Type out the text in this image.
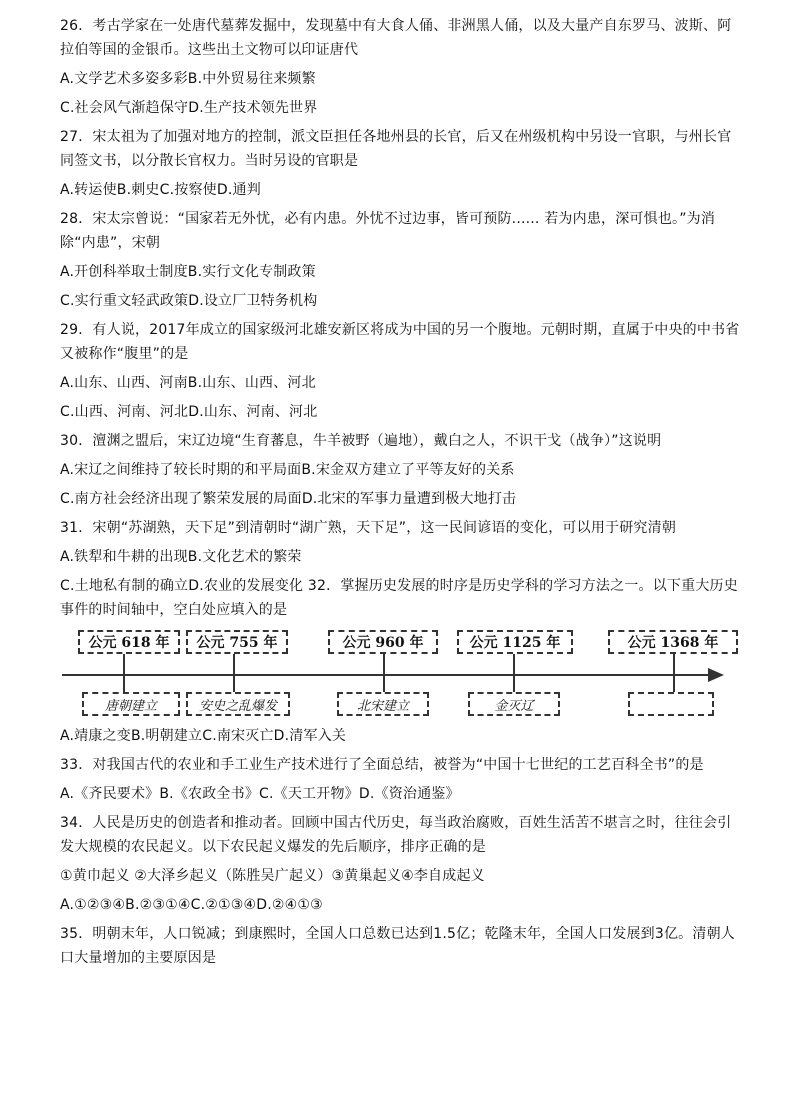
26．考古学家在一处唐代墓葬发掘中，发现墓中有大食人俑、非洲黑人俑，以及大量产自东罗马、波斯、阿拉伯等国的金银币。这些出土文物可以印证唐代
A.文学艺术多姿多彩B.中外贸易往来频繁
C.社会风气渐趋保守D.生产技术领先世界
27．宋太祖为了加强对地方的控制，派文臣担任各地州县的长官，后又在州级机构中另设一官职，与州长官同签文书，以分散长官权力。当时另设的官职是
A.转运使B.刺史C.按察使D.通判
28．宋太宗曾说：“国家若无外忧，必有内患。外忧不过边事，皆可预防...... 若为内患，深可惧也。”为消除“内患”，宋朝
A.开创科举取士制度B.实行文化专制政策
C.实行重文轻武政策D.设立厂卫特务机构
29．有人说，2017年成立的国家级河北雄安新区将成为中国的另一个腹地。元朝时期，直属于中央的中书省又被称作“腹里”的是
A.山东、山西、河南B.山东、山西、河北
C.山西、河南、河北D.山东、河南、河北
30．澶渊之盟后，宋辽边境“生育蕃息，牛羊被野（遍地），戴白之人，不识干戈（战争）”这说明
A.宋辽之间维持了较长时期的和平局面B.宋金双方建立了平等友好的关系
C.南方社会经济出现了繁荣发展的局面D.北宋的军事力量遭到极大地打击
31．宋朝“苏湖熟，天下足”到清朝时“湖广熟，天下足”，这一民间谚语的变化，可以用于研究清朝
A.铁犁和牛耕的出现B.文化艺术的繁荣
C.土地私有制的确立D.农业的发展变化 32．掌握历史发展的时序是历史学科的学习方法之一。以下重大历史事件的时间轴中，空白处应填入的是
公元 618 年	公元 755 年	公元 960 年	公元 1125 年	公元 1368 年
唐朝建立	安史之乱爆发	北宋建立	金灭辽
A.靖康之变B.明朝建立C.南宋灭亡D.清军入关
33．对我国古代的农业和手工业生产技术进行了全面总结，被誉为“中国十七世纪的工艺百科全书”的是
A.《齐民要术》B.《农政全书》C.《天工开物》D.《资治通鉴》
34．人民是历史的创造者和推动者。回顾中国古代历史，每当政治腐败，百姓生活苦不堪言之时，往往会引发大规模的农民起义。以下农民起义爆发的先后顺序，排序正确的是
①黄巾起义 ②大泽乡起义（陈胜吴广起义）③黄巢起义④李自成起义
A.①②③④B.②③①④C.②①③④D.②④①③
35．明朝末年，人口锐减；到康熙时，全国人口总数已达到1.5亿；乾隆末年，全国人口发展到3亿。清朝人口大量增加的主要原因是
